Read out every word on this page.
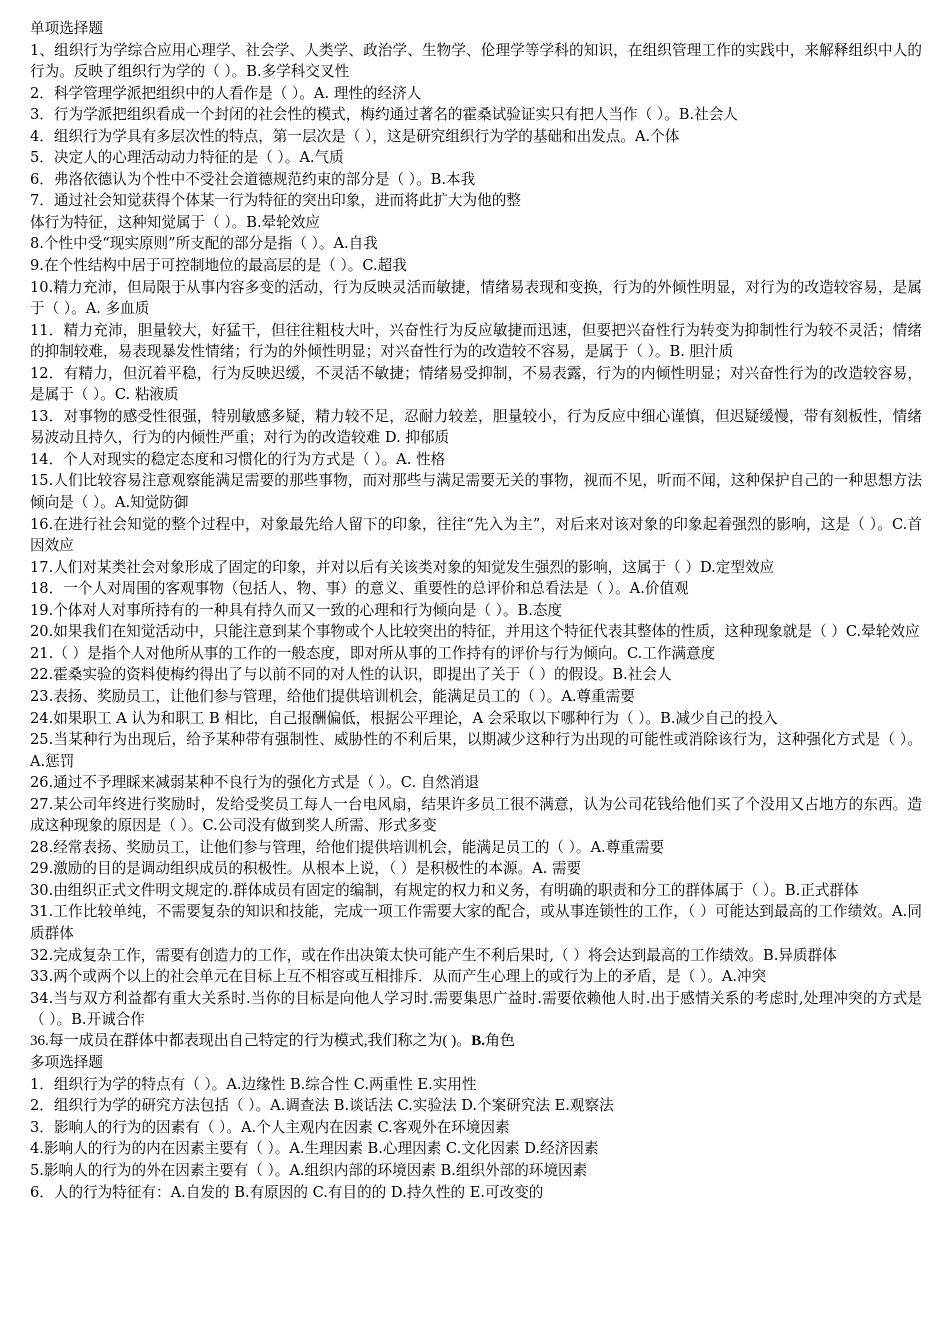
单项选择题

1、组织行为学综合应用心理学、社会学、人类学、政治学、生物学、伦理学等学科的知识，在组织管理工作的实践中，来解释组织中人的行为。反映了组织行为学的（ ）。B.多学科交叉性

2．科学管理学派把组织中的人看作是（ ）。A. 理性的经济人

3．行为学派把组织看成一个封闭的社会性的模式，梅约通过著名的霍桑试验证实只有把人当作（ ）。B.社会人

4．组织行为学具有多层次性的特点，第一层次是（ ），这是研究组织行为学的基础和出发点。A.个体

5．决定人的心理活动动力特征的是（ ）。A.气质

6．弗洛依德认为个性中不受社会道德规范约束的部分是（ ）。B.本我

7．通过社会知觉获得个体某一行为特征的突出印象，进而将此扩大为他的整

体行为特征，这种知觉属于（ ）。B.晕轮效应

8.个性中受“现实原则”所支配的部分是指（ ）。A.自我

9.在个性结构中居于可控制地位的最高层的是（ ）。C.超我

10.精力充沛，但局限于从事内容多变的活动，行为反映灵活而敏捷，情绪易表现和变换，行为的外倾性明显，对行为的改造较容易，是属于（ ）。A. 多血质

11．精力充沛，胆量较大，好猛干，但往往粗枝大叶，兴奋性行为反应敏捷而迅速，但要把兴奋性行为转变为抑制性行为较不灵活；情绪的抑制较难，易表现暴发性情绪；行为的外倾性明显；对兴奋性行为的改造较不容易，是属于（ ）。B. 胆汁质

12．有精力，但沉着平稳，行为反映迟缓，不灵活不敏捷；情绪易受抑制，不易表露，行为的内倾性明显；对兴奋性行为的改造较容易，是属于（ ）。C. 粘液质

13．对事物的感受性很强，特别敏感多疑，精力较不足，忍耐力较差，胆量较小，行为反应中细心谨慎，但迟疑缓慢，带有刻板性，情绪易波动且持久，行为的内倾性严重；对行为的改造较难 D. 抑郁质

14．个人对现实的稳定态度和习惯化的行为方式是（ ）。A. 性格

15.人们比较容易注意观察能满足需要的那些事物，而对那些与满足需要无关的事物，视而不见，听而不闻，这种保护自己的一种思想方法倾向是（ ）。A.知觉防御

16.在进行社会知觉的整个过程中，对象最先给人留下的印象，往往“先入为主”，对后来对该对象的印象起着强烈的影响，这是（ ）。C.首因效应

17.人们对某类社会对象形成了固定的印象，并对以后有关该类对象的知觉发生强烈的影响，这属于（ ）D.定型效应

18．一个人对周围的客观事物（包括人、物、事）的意义、重要性的总评价和总看法是（ ）。A.价值观

19.个体对人对事所持有的一种具有持久而又一致的心理和行为倾向是（ ）。B.态度

20.如果我们在知觉活动中，只能注意到某个事物或个人比较突出的特征，并用这个特征代表其整体的性质，这种现象就是（ ）C.晕轮效应

21.（ ）是指个人对他所从事的工作的一般态度，即对所从事的工作持有的评价与行为倾向。C.工作满意度

22.霍桑实验的资料使梅约得出了与以前不同的对人性的认识，即提出了关于（ ）的假设。B.社会人

23.表扬、奖励员工，让他们参与管理，给他们提供培训机会，能满足员工的（ ）。A.尊重需要

24.如果职工 A 认为和职工 B 相比，自己报酬偏低，根据公平理论，A 会采取以下哪种行为（ ）。B.减少自己的投入

25.当某种行为出现后，给予某种带有强制性、威胁性的不利后果，以期减少这种行为出现的可能性或消除该行为，这种强化方式是（ ）。A.惩罚

26.通过不予理睬来减弱某种不良行为的强化方式是（ ）。C. 自然消退

27.某公司年终进行奖励时，发给受奖员工每人一台电风扇，结果许多员工很不满意，认为公司花钱给他们买了个没用又占地方的东西。造成这种现象的原因是（ ）。C.公司没有做到奖人所需、形式多变

28.经常表扬、奖励员工，让他们参与管理，给他们提供培训机会，能满足员工的（ ）。A.尊重需要

29.激励的目的是调动组织成员的积极性。从根本上说，（ ）是积极性的本源。A. 需要

30.由组织正式文件明文规定的.群体成员有固定的编制，有规定的权力和义务，有明确的职责和分工的群体属于（ ）。B.正式群体

31.工作比较单纯，不需要复杂的知识和技能，完成一项工作需要大家的配合，或从事连锁性的工作，（ ）可能达到最高的工作绩效。A.同质群体

32.完成复杂工作，需要有创造力的工作，或在作出决策太快可能产生不利后果时,（ ）将会达到最高的工作绩效。B.异质群体

33.两个或两个以上的社会单元在目标上互不相容或互相排斥．从而产生心理上的或行为上的矛盾，是（ ）。A.冲突

34.当与双方利益都有重大关系时.当你的目标是向他人学习时.需要集思广益时.需要依赖他人时.出于感情关系的考虑时,处理冲突的方式是（ ）。B.开诚合作

36.每一成员在群体中都表现出自己特定的行为模式,我们称之为( )。B.角色

多项选择题

1．组织行为学的特点有（ ）。A.边缘性 B.综合性 C.两重性 E.实用性

2．组织行为学的研究方法包括（ ）。A.调查法 B.谈话法 C.实验法 D.个案研究法 E.观察法

3．影响人的行为的因素有（ ）。A.个人主观内在因素 C.客观外在环境因素

4.影响人的行为的内在因素主要有（ ）。A.生理因素 B.心理因素 C.文化因素 D.经济因素

5.影响人的行为的外在因素主要有（ ）。A.组织内部的环境因素 B.组织外部的环境因素

6．人的行为特征有：A.自发的 B.有原因的 C.有目的的 D.持久性的 E.可改变的
